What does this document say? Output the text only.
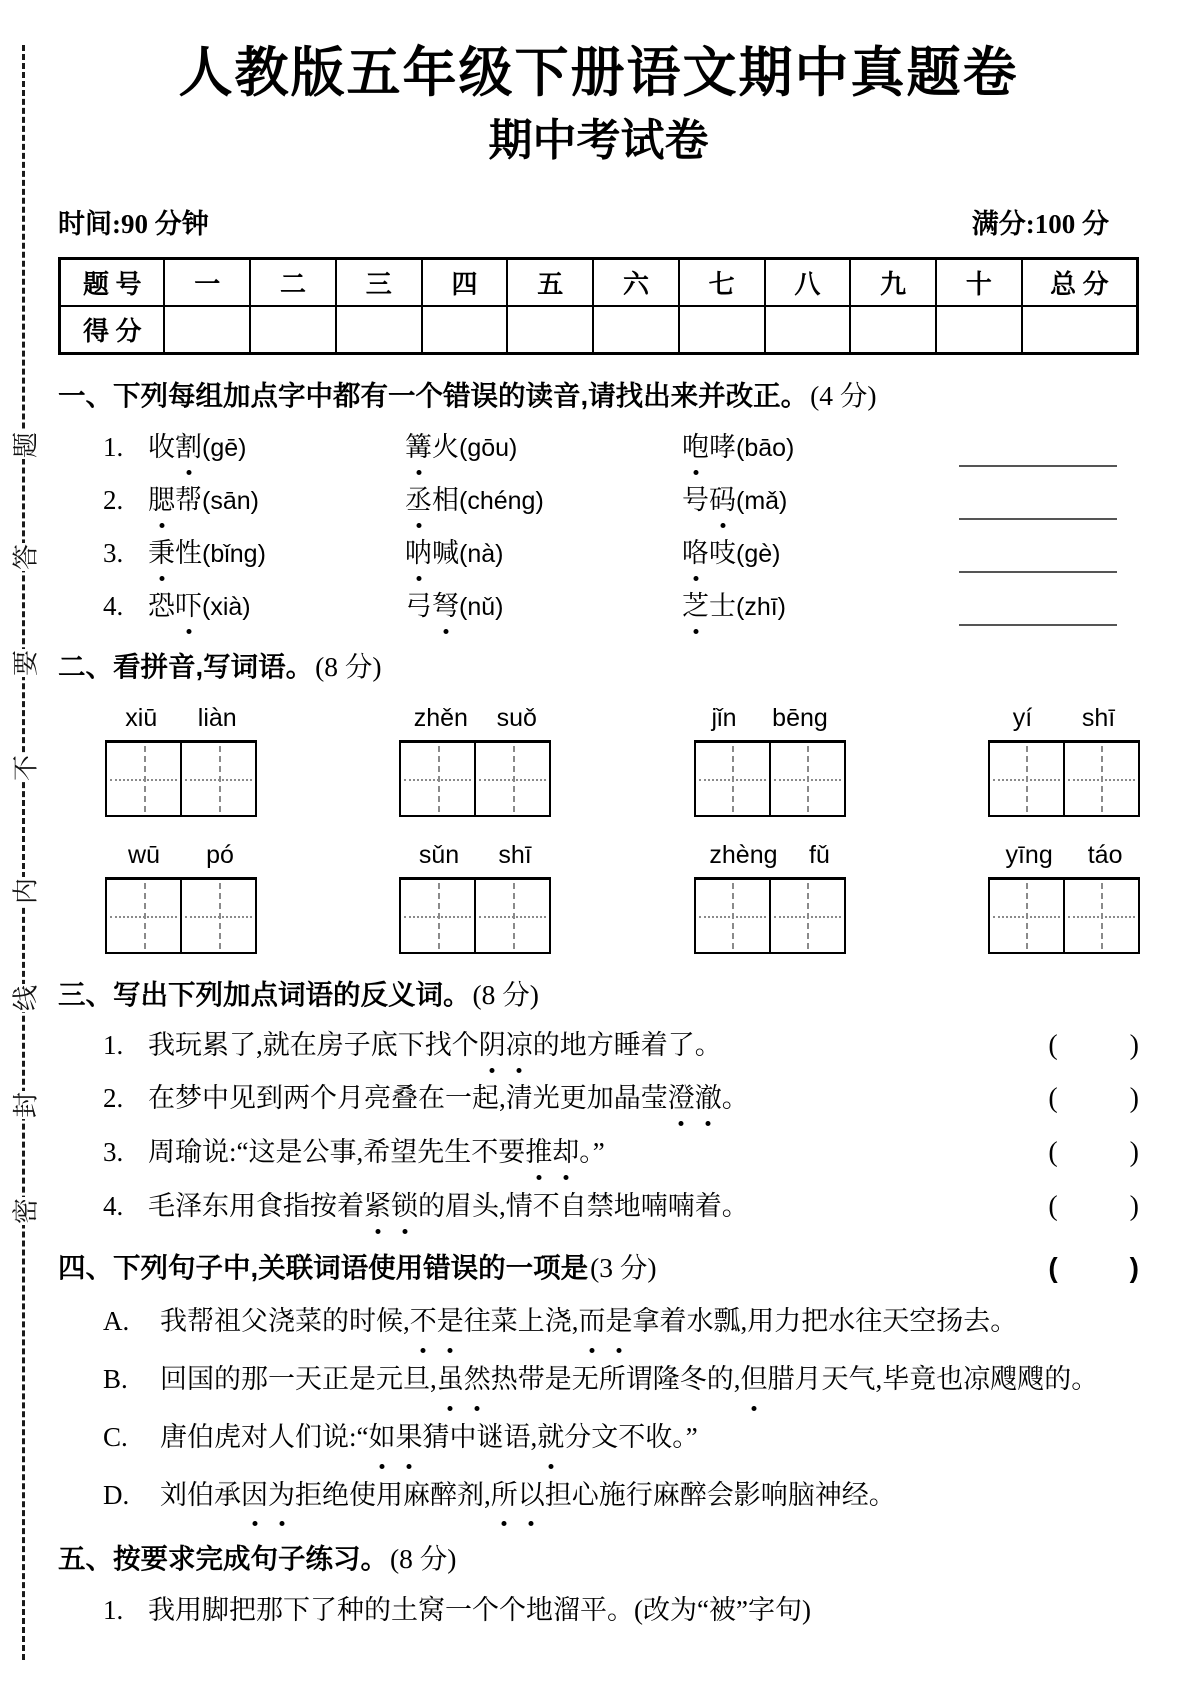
题
答
要
不
内
线
封
密
人教版五年级下册语文期中真题卷
期中考试卷
时间:90 分钟	满分:100 分
题 号	一	二	三	四	五	六	七	八	九	十	总 分
得 分											
一、下列每组加点字中都有一个错误的读音,请找出来并改正。 (4 分)
1. 收割(gē)	篝火(gōu)	咆哮(bāo)
2. 腮帮(sān)	丞相(chéng)	号码(mǎ)
3. 秉性(bǐng)	呐喊(nà)	咯吱(gè)
4. 恐吓(xià)	弓弩(nǔ)	芝士(zhī)
二、看拼音,写词语。 (8 分)
xiū liàn	zhěn suǒ	jǐn bēng	yí shī
wū pó	sǔn shī	zhèng fǔ	yīng táo
三、写出下列加点词语的反义词。 (8 分)
1. 我玩累了,就在房子底下找个阴凉的地方睡着了。	(	)
2. 在梦中见到两个月亮叠在一起,清光更加晶莹澄澈。	(	)
3. 周瑜说:“这是公事,希望先生不要推却。”	(	)
4. 毛泽东用食指按着紧锁的眉头,情不自禁地喃喃着。	(	)
四、下列句子中,关联词语使用错误的一项是 (3 分)	(	)
A.	我帮祖父浇菜的时候,不是往菜上浇,而是拿着水瓢,用力把水往天空扬去。
B.	回国的那一天正是元旦,虽然热带是无所谓隆冬的,但腊月天气,毕竟也凉飕飕的。
C.	唐伯虎对人们说:“如果猜中谜语,就分文不收。”
D.	刘伯承因为拒绝使用麻醉剂,所以担心施行麻醉会影响脑神经。
五、按要求完成句子练习。 (8 分)
1. 我用脚把那下了种的土窝一个个地溜平。(改为“被”字句)
